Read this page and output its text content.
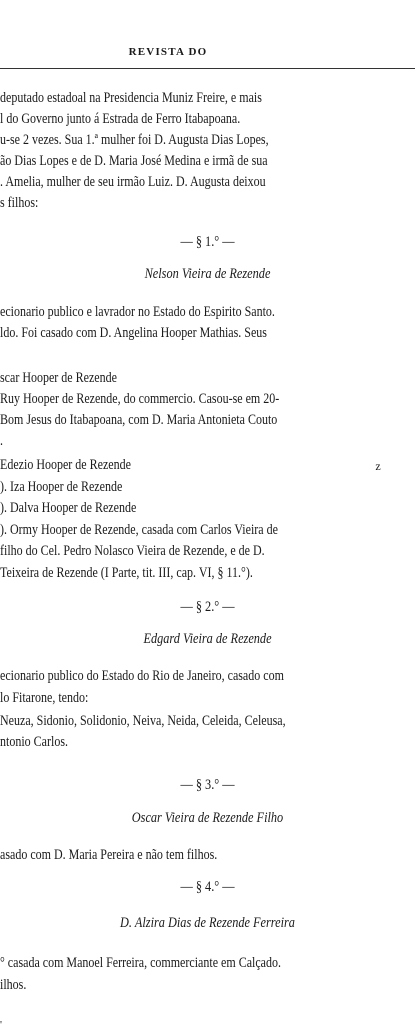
REVISTA DO
deputado estadoal na Presidencia Muniz Freire, e mais
l do Governo junto á Estrada de Ferro Itabapoana.
u-se 2 vezes. Sua 1.ª mulher foi D. Augusta Dias Lopes,
ão Dias Lopes e de D. Maria José Medina e irmã de sua
. Amelia, mulher de seu irmão Luiz. D. Augusta deixou
s filhos:
— § 1.° —
Nelson Vieira de Rezende
ecionario publico e lavrador no Estado do Espirito Santo.
ldo. Foi casado com D. Angelina Hooper Mathias. Seus
scar Hooper de Rezende
Ruy Hooper de Rezende, do commercio. Casou-se em 20-
Bom Jesus do Itabapoana, com D. Maria Antonieta Couto
.
Edezio Hooper de Rezende	z
). Iza Hooper de Rezende
). Dalva Hooper de Rezende
). Ormy Hooper de Rezende, casada com Carlos Vieira de
filho do Cel. Pedro Nolasco Vieira de Rezende, e de D.
Teixeira de Rezende (I Parte, tit. III, cap. VI, § 11.°).
— § 2.° —
Edgard Vieira de Rezende
ecionario publico do Estado do Rio de Janeiro, casado com
lo Fitarone, tendo:
Neuza, Sidonio, Solidonio, Neiva, Neida, Celeida, Celeusa,
ntonio Carlos.
— § 3.° —
Oscar Vieira de Rezende Filho
asado com D. Maria Pereira e não tem filhos.
— § 4.° —
D. Alzira Dias de Rezende Ferreira
° casada com Manoel Ferreira, commerciante em Calçado.
ilhos.
'
